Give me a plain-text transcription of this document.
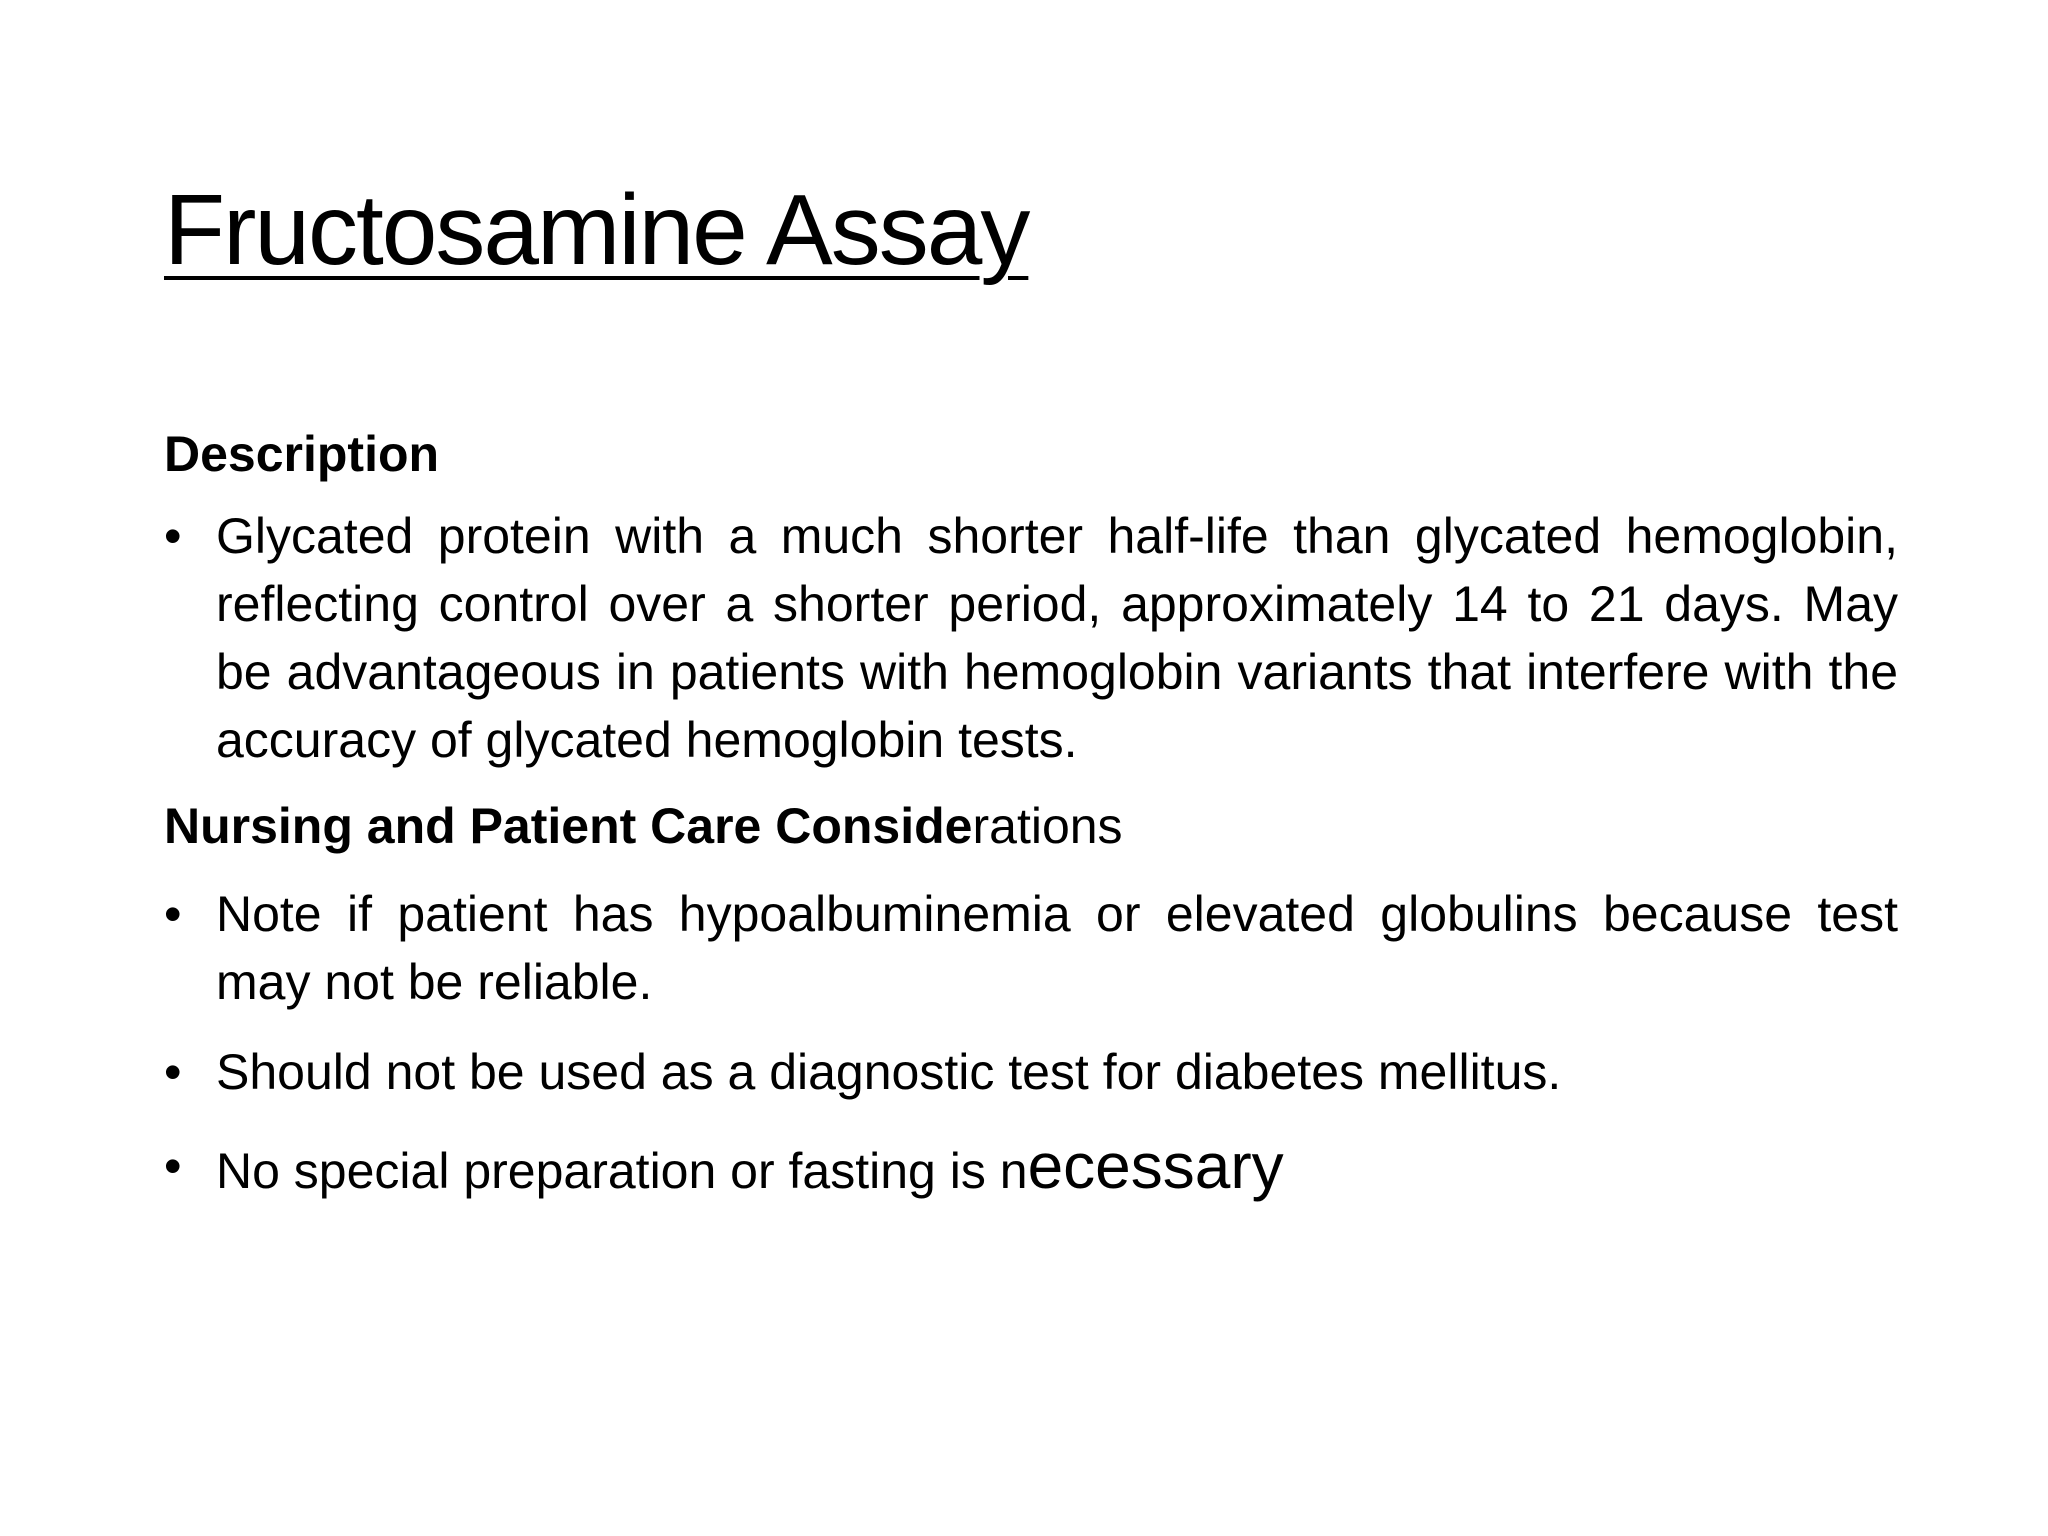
Fructosamine Assay

Description

• Glycated protein with a much shorter half-life than glycated hemoglobin, reflecting control over a shorter period, approximately 14 to 21 days. May be advantageous in patients with hemoglobin variants that interfere with the accuracy of glycated hemoglobin tests.

Nursing and Patient Care Considerations

• Note if patient has hypoalbuminemia or elevated globulins because test may not be reliable.

• Should not be used as a diagnostic test for diabetes mellitus.

• No special preparation or fasting is necessary
